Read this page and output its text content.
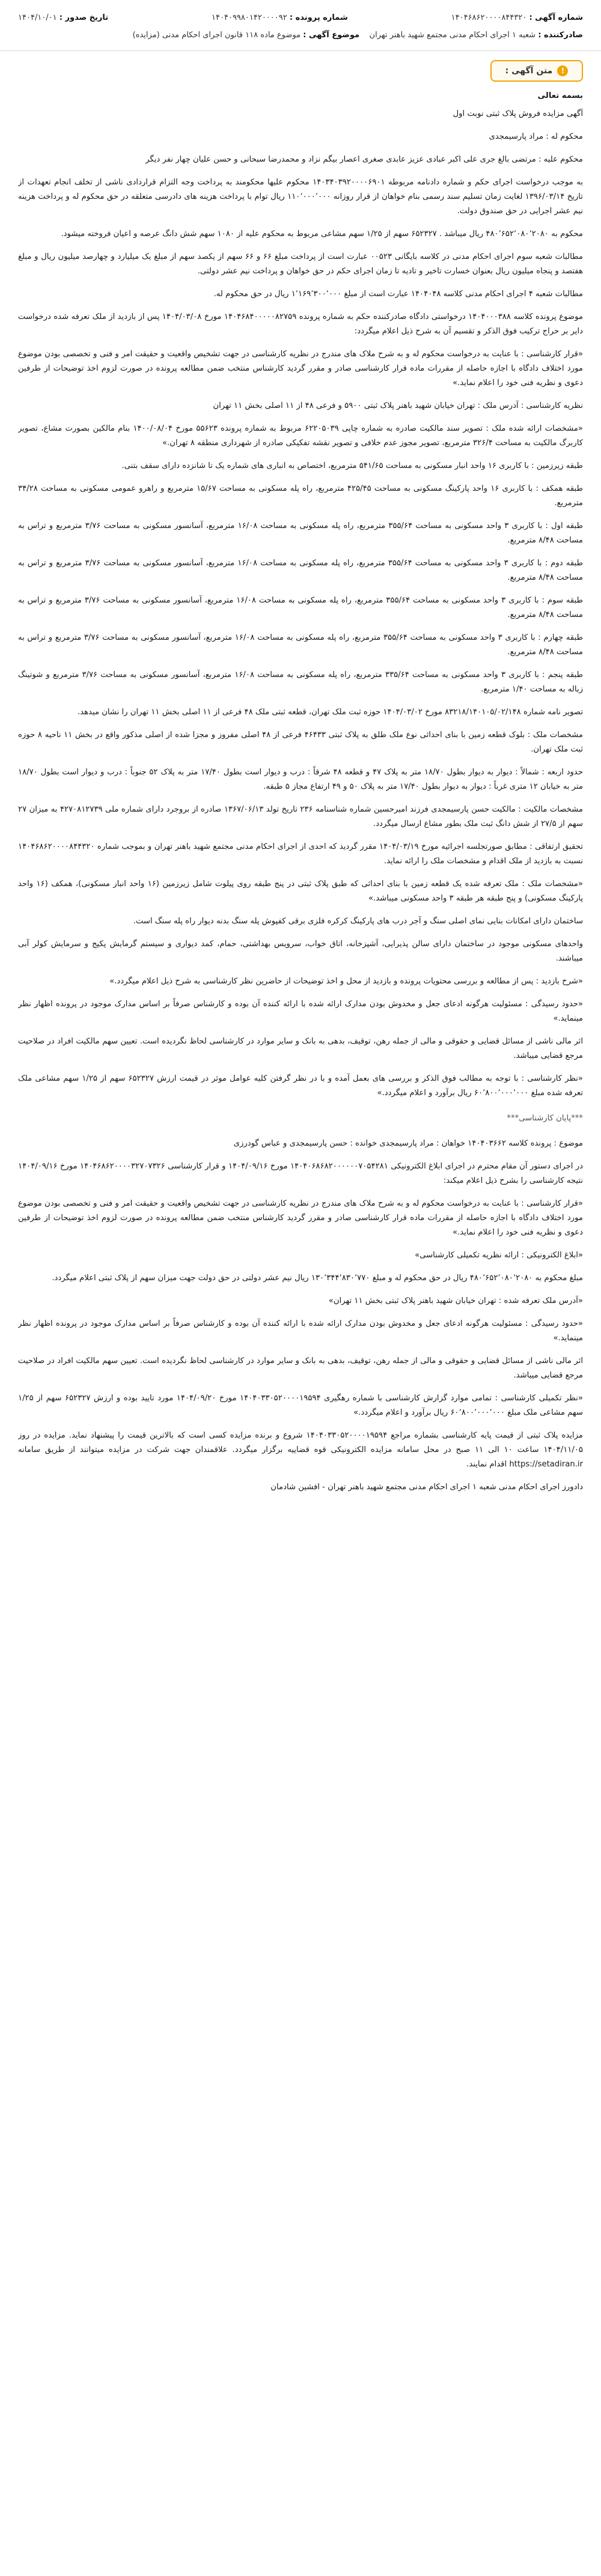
شماره آگهی : ۱۴۰۴۶۸۶۲۰۰۰۰۸۴۴۳۲۰
شماره پرونده : ۱۴۰۴۰۹۹۸۰۱۴۲۰۰۰۰۹۲
تاریخ صدور : ۱۴۰۴/۱۰/۰۱
صادرکننده : شعبه ۱ اجرای احکام مدنی مجتمع شهید باهنر تهران    موضوع آگهی : موضوع ماده ۱۱۸ قانون اجرای احکام مدنی (مزایده)
!
متن آگهی :

بسمه تعالی

آگهی مزایده فروش پلاک ثبتی نوبت اول

محکوم له : مراد پارسیمجدی

محکوم علیه : مرتضی بالغ جری علی اکبر عبادی عزیز عابدی صغری اعصار بیگم نزاد و محمدرضا سبحانی و حسن علیان چهار نفر دیگر

به موجب درخواست اجرای حکم و شماره دادنامه مربوطه ۱۴۰۳۴۰۳۹۲۰۰۰۰۶۹۰۱ محکوم علیها محکومند به پرداخت وجه التزام قراردادی ناشی از تخلف انجام تعهدات از تاریخ ۱۳۹۶/۰۳/۱۴ لغایت زمان تسلیم سند رسمی بنام خواهان از قرار روزانه ۱۱۰٬۰۰۰٬۰۰۰ ریال توام با پرداخت هزینه های دادرسی متعلقه در حق محکوم له و پرداخت هزینه نیم عشر اجرایی در حق صندوق دولت.

محکوم به ۴۸۰٬۶۵۲٬۰۸۰٬۲۰۸۰ ریال میباشد . ۶۵۲۳۲۷ سهم از ۱/۲۵ سهم مشاعی مربوط به محکوم علیه از ۱۰۸۰ سهم شش دانگ عرصه و اعیان فروخته میشود.

مطالبات شعبه سوم اجرای احکام مدنی در کلاسه بایگانی ۰۰۵۲۳ عبارت است از پرداخت مبلغ ۶۶ و ۶۶ سهم از یکصد سهم از مبلغ یک میلیارد و چهارصد میلیون ریال و مبلغ هفتصد و پنجاه میلیون ریال بعنوان خسارت تاخیر و تادیه تا زمان اجرای حکم در حق خواهان و پرداخت نیم عشر دولتی.

مطالبات شعبه ۴ اجرای احکام مدنی کلاسه ۱۴۰۴۰۴۸ عبارت است از مبلغ ۱٬۱۶۹٬۳۰۰٬۰۰۰ ریال در حق محکوم له.

موضوع پرونده کلاسه ۱۴۰۴۰۰۰۳۸۸ درخواستی دادگاه صادرکننده حکم به شماره پرونده ۱۴۰۴۶۸۴۰۰۰۰۰۸۲۷۵۹ مورخ ۱۴۰۴/۰۳/۰۸ پس از بازدید از ملک تعرفه شده درخواست دایر بر حراج ترکیب فوق الذکر و تقسیم آن به شرح ذیل اعلام میگردد:

«قرار کارشناسی : با عنایت به درخواست محکوم له و به شرح ملاک های مندرج در نظریه کارشناسی در جهت تشخیص واقعیت و حقیقت امر و فنی و تخصصی بودن موضوع مورد اختلاف دادگاه با اجازه حاصله از مقررات ماده قرار کارشناسی صادر و مقرر گردید کارشناس منتخب ضمن مطالعه پرونده در صورت لزوم اخذ توضیحات از طرفین دعوی و نظریه فنی خود را اعلام نماید.»

نظریه کارشناسی : آدرس ملک : تهران خیابان شهید باهنر پلاک ثبتی ۵۹۰۰ و فرعی ۴۸ از ۱۱ اصلی بخش ۱۱ تهران

«مشخصات ارائه شده ملک : تصویر سند مالکیت صادره به شماره چاپی ۶۲۲۰۵۰۳۹ مربوط به شماره پرونده ۵۵۶۲۳ مورخ ۱۴۰۰/۰۸/۰۴ بنام مالکین بصورت مشاع، تصویر کاربرگ مالکیت به مساحت ۳۲۶/۴ مترمربع، تصویر مجوز عدم خلافی و تصویر نقشه تفکیکی صادره از شهرداری منطقه ۸ تهران.»

طبقه زیرزمین : با کاربری ۱۶ واحد انبار مسکونی به مساحت ۵۴۱/۶۵ مترمربع، اختصاص به انباری های شماره یک تا شانزده دارای سقف بتنی.

طبقه همکف : با کاربری ۱۶ واحد پارکینگ مسکونی به مساحت ۴۲۵/۴۵ مترمربع، راه پله مسکونی به مساحت ۱۵/۶۷ مترمربع و راهرو عمومی مسکونی به مساحت ۳۴/۲۸ مترمربع.

طبقه اول : با کاربری ۳ واحد مسکونی به مساحت ۳۵۵/۶۴ مترمربع، راه پله مسکونی به مساحت ۱۶/۰۸ مترمربع، آسانسور مسکونی به مساحت ۳/۷۶ مترمربع و تراس به مساحت ۸/۴۸ مترمربع.

طبقه دوم : با کاربری ۳ واحد مسکونی به مساحت ۳۵۵/۶۴ مترمربع، راه پله مسکونی به مساحت ۱۶/۰۸ مترمربع، آسانسور مسکونی به مساحت ۳/۷۶ مترمربع و تراس به مساحت ۸/۴۸ مترمربع.

طبقه سوم : با کاربری ۳ واحد مسکونی به مساحت ۳۵۵/۶۴ مترمربع، راه پله مسکونی به مساحت ۱۶/۰۸ مترمربع، آسانسور مسکونی به مساحت ۳/۷۶ مترمربع و تراس به مساحت ۸/۴۸ مترمربع.

طبقه چهارم : با کاربری ۳ واحد مسکونی به مساحت ۳۵۵/۶۴ مترمربع، راه پله مسکونی به مساحت ۱۶/۰۸ مترمربع، آسانسور مسکونی به مساحت ۳/۷۶ مترمربع و تراس به مساحت ۸/۴۸ مترمربع.

طبقه پنجم : با کاربری ۳ واحد مسکونی به مساحت ۳۳۵/۶۴ مترمربع، راه پله مسکونی به مساحت ۱۶/۰۸ مترمربع، آسانسور مسکونی به مساحت ۳/۷۶ مترمربع و شوتینگ زباله به مساحت ۱/۴۰ مترمربع.

تصویر نامه شماره ۸۳۲۱۸/۱۴۰۱۰۵/۰۲/۱۴۸ مورخ ۱۴۰۴/۰۳/۰۲ حوزه ثبت ملک تهران، قطعه ثبتی ملک ۴۸ فرعی از ۱۱ اصلی بخش ۱۱ تهران را نشان میدهد.

مشخصات ملک : بلوک قطعه زمین با بنای احداثی نوع ملک طلق به پلاک ثبتی ۴۶۴۳۳ فرعی از ۴۸ اصلی مفروز و مجزا شده از اصلی مذکور واقع در بخش ۱۱ ناحیه ۸ حوزه ثبت ملک تهران.

حدود اربعه : شمالاً : دیوار به دیوار بطول ۱۸/۷۰ متر به پلاک ۴۷ و قطعه ۴۸ شرقاً : درب و دیوار است بطول ۱۷/۴۰ متر به پلاک ۵۲ جنوباً : درب و دیوار است بطول ۱۸/۷۰ متر به خیابان ۱۲ متری غرباً : دیوار به دیوار بطول ۱۷/۴۰ متر به پلاک ۵۰ و ۴۹ ارتفاع مجاز ۵ طبقه.

مشخصات مالکیت : مالکیت حسن پارسیمجدی فرزند امیرحسین شماره شناسنامه ۲۳۶ تاریخ تولد ۱۳۶۷/۰۶/۱۳ صادره از بروجرد دارای شماره ملی ۴۲۷۰۸۱۲۷۳۹ به میزان ۲۷ سهم از ۲۷/۵ از شش دانگ ثبت ملک بطور مشاع ارسال میگردد.

تحقیق ارتفاقی : مطابق صورتجلسه اجرائیه مورخ ۱۴۰۴/۰۳/۱۹ مقرر گردید که احدی از اجرای احکام مدنی مجتمع شهید باهنر تهران و بموجب شماره ۱۴۰۴۶۸۶۲۰۰۰۰۸۴۴۳۲۰ نسبت به بازدید از ملک اقدام و مشخصات ملک را ارائه نماید.

«مشخصات ملک : ملک تعرفه شده یک قطعه زمین با بنای احداثی که طبق پلاک ثبتی در پنج طبقه روی پیلوت شامل زیرزمین (۱۶ واحد انبار مسکونی)، همکف (۱۶ واحد پارکینگ مسکونی) و پنج طبقه هر طبقه ۳ واحد مسکونی میباشد.»

ساختمان دارای امکانات بنایی نمای اصلی سنگ و آجر درب های پارکینگ کرکره فلزی برقی کفپوش پله سنگ بدنه دیوار راه پله سنگ است.

واحدهای مسکونی موجود در ساختمان دارای سالن پذیرایی، آشپزخانه، اتاق خواب، سرویس بهداشتی، حمام، کمد دیواری و سیستم گرمایش پکیج و سرمایش کولر آبی میباشند.

«شرح بازدید : پس از مطالعه و بررسی محتویات پرونده و بازدید از محل و اخذ توضیحات از حاضرین نظر کارشناسی به شرح ذیل اعلام میگردد.»

«حدود رسیدگی : مسئولیت هرگونه ادعای جعل و مخدوش بودن مدارک ارائه شده با ارائه کننده آن بوده و کارشناس صرفاً بر اساس مدارک موجود در پرونده اظهار نظر مینماید.»

اثر مالی ناشی از مسائل قضایی و حقوقی و مالی از جمله رهن، توقیف، بدهی به بانک و سایر موارد در کارشناسی لحاظ نگردیده است. تعیین سهم مالکیت افراد در صلاحیت مرجع قضایی میباشد.

«نظر کارشناسی : با توجه به مطالب فوق الذکر و بررسی های بعمل آمده و با در نظر گرفتن کلیه عوامل موثر در قیمت ارزش ۶۵۲۳۲۷ سهم از ۱/۲۵ سهم مشاعی ملک تعرفه شده مبلغ ۶۰٬۸۰۰٬۰۰۰٬۰۰۰ ریال برآورد و اعلام میگردد.»

***پایان کارشناسی***

موضوع : پرونده کلاسه ۱۴۰۴۰۳۶۶۲ خواهان : مراد پارسیمجدی خوانده : حسن پارسیمجدی و عباس گودرزی

در اجرای دستور آن مقام محترم در اجرای ابلاغ الکترونیکی ۱۴۰۴۰۶۸۶۸۲۰۰۰۰۰۰۷۰۵۴۲۸۱ مورخ ۱۴۰۴/۰۹/۱۶ و قرار کارشناسی ۱۴۰۴۶۸۶۲۰۰۰۰۳۲۷۰۷۳۲۶ مورخ ۱۴۰۴/۰۹/۱۶ نتیجه کارشناسی را بشرح ذیل اعلام میکند:

«قرار کارشناسی : با عنایت به درخواست محکوم له و به شرح ملاک های مندرج در نظریه کارشناسی در جهت تشخیص واقعیت و حقیقت امر و فنی و تخصصی بودن موضوع مورد اختلاف دادگاه با اجازه حاصله از مقررات ماده قرار کارشناسی صادر و مقرر گردید کارشناس منتخب ضمن مطالعه پرونده در صورت لزوم اخذ توضیحات از طرفین دعوی و نظریه فنی خود را اعلام نماید.»

«ابلاغ الکترونیکی : ارائه نظریه تکمیلی کارشناسی»

مبلغ محکوم به ۴۸۰٬۶۵۲٬۰۸۰٬۲۰۸۰ ریال در حق محکوم له و مبلغ ۱۳۰٬۳۴۴٬۸۳۰٬۷۷۰ ریال نیم عشر دولتی در حق دولت جهت میزان سهم از پلاک ثبتی اعلام میگردد.

«آدرس ملک تعرفه شده : تهران خیابان شهید باهنر پلاک ثبتی بخش ۱۱ تهران»

«حدود رسیدگی : مسئولیت هرگونه ادعای جعل و مخدوش بودن مدارک ارائه شده با ارائه کننده آن بوده و کارشناس صرفاً بر اساس مدارک موجود در پرونده اظهار نظر مینماید.»

اثر مالی ناشی از مسائل قضایی و حقوقی و مالی از جمله رهن، توقیف، بدهی به بانک و سایر موارد در کارشناسی لحاظ نگردیده است. تعیین سهم مالکیت افراد در صلاحیت مرجع قضایی میباشد.

«نظر تکمیلی کارشناسی : تمامی موارد گزارش کارشناسی با شماره رهگیری ۱۴۰۴۰۳۳۰۵۲۰۰۰۰۱۹۵۹۴ مورخ ۱۴۰۴/۰۹/۲۰ مورد تایید بوده و ارزش ۶۵۲۳۲۷ سهم از ۱/۲۵ سهم مشاعی ملک مبلغ ۶۰٬۸۰۰٬۰۰۰٬۰۰۰ ریال برآورد و اعلام میگردد.»

مزایده پلاک ثبتی از قیمت پایه کارشناسی بشماره مراجع ۱۴۰۴۰۳۳۰۵۲۰۰۰۰۱۹۵۹۴ شروع و برنده مزایده کسی است که بالاترین قیمت را پیشنهاد نماید. مزایده در روز ۱۴۰۴/۱۱/۰۵ ساعت ۱۰ الی ۱۱ صبح در محل سامانه مزایده الکترونیکی قوه قضاییه برگزار میگردد. علاقمندان جهت شرکت در مزایده میتوانند از طریق سامانه https://setadiran.ir اقدام نمایند.

دادورز اجرای احکام مدنی شعبه ۱ اجرای احکام مدنی مجتمع شهید باهنر تهران - افشین شادمان
